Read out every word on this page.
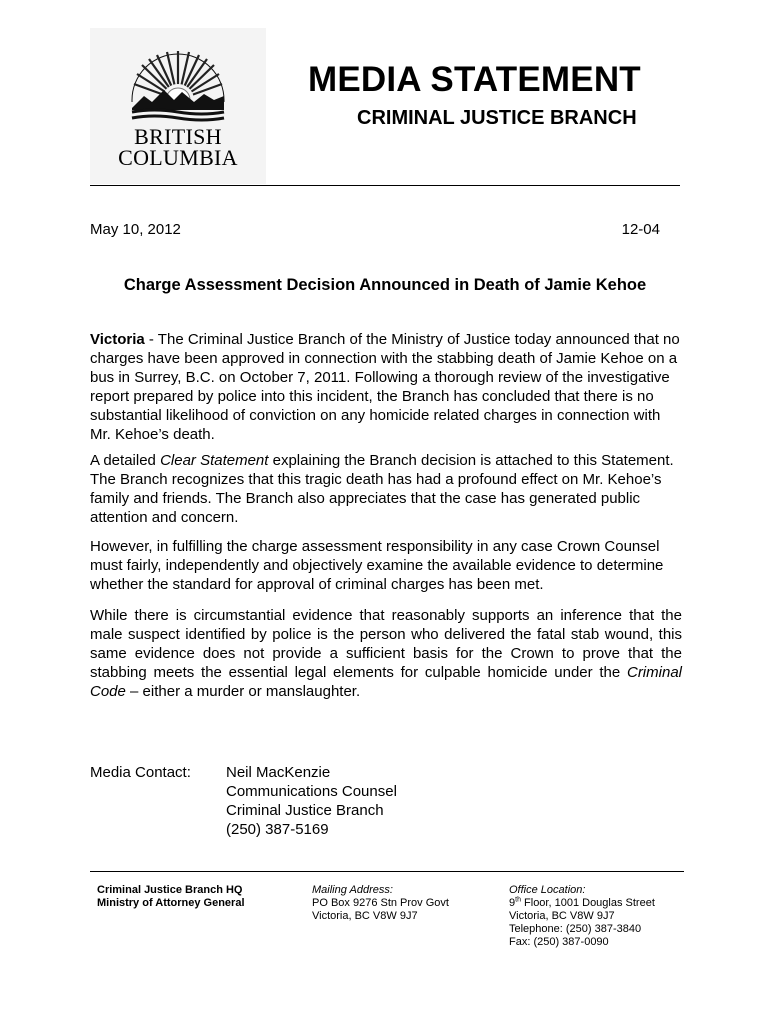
BRITISH
COLUMBIA
MEDIA STATEMENT
CRIMINAL JUSTICE BRANCH
May 10, 2012	12-04
Charge Assessment Decision Announced in Death of Jamie Kehoe

Victoria - The Criminal Justice Branch of the Ministry of Justice today announced that no charges have been approved in connection with the stabbing death of Jamie Kehoe on a bus in Surrey, B.C. on October 7, 2011. Following a thorough review of the investigative report prepared by police into this incident, the Branch has concluded that there is no substantial likelihood of conviction on any homicide related charges in connection with Mr. Kehoe’s death.

A detailed Clear Statement explaining the Branch decision is attached to this Statement. The Branch recognizes that this tragic death has had a profound effect on Mr. Kehoe’s family and friends. The Branch also appreciates that the case has generated public attention and concern.

However, in fulfilling the charge assessment responsibility in any case Crown Counsel must fairly, independently and objectively examine the available evidence to determine whether the standard for approval of criminal charges has been met.

While there is circumstantial evidence that reasonably supports an inference that the male suspect identified by police is the person who delivered the fatal stab wound, this same evidence does not provide a sufficient basis for the Crown to prove that the stabbing meets the essential legal elements for culpable homicide under the Criminal Code – either a murder or manslaughter.

Media Contact: Neil MacKenzie
Communications Counsel
Criminal Justice Branch
(250) 387-5169
Criminal Justice Branch HQ
Ministry of Attorney General
Mailing Address:
PO Box 9276 Stn Prov Govt
Victoria, BC V8W 9J7
Office Location:
9th Floor, 1001 Douglas Street
Victoria, BC V8W 9J7
Telephone: (250) 387-3840
Fax: (250) 387-0090
